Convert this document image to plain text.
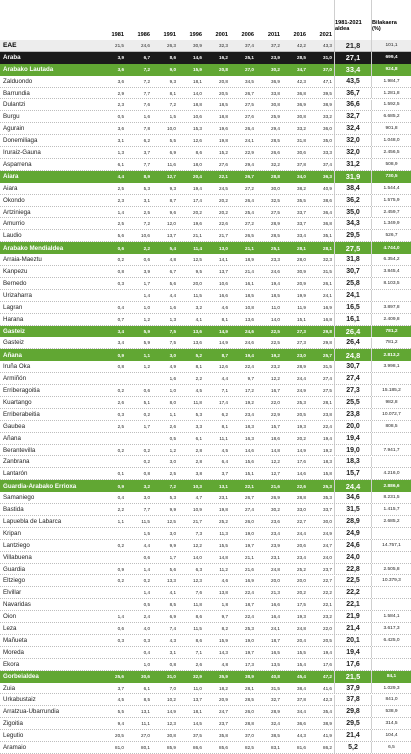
1981	1986	1991	1996	2001	2006	2011	2016	2021
1981-2021
aldea
Bilakaera
(%)
EAE	21,5	24,6	26,3	30,9	32,3	37,4	37,2	42,2	43,3	21,8	101,1
Araba	3,9	6,7	8,6	14,6	16,2	25,1	23,9	28,5	31,0	27,1	699,4
Arabako Lautada	3,6	7,2	9,0	15,9	20,8	27,0	30,2	34,7	37,0	33,4	924,8
Zalduondo	3,6	7,2	9,3	18,1	20,8	34,5	36,9	42,3	47,1	43,5	1.984,7
Barrundia	2,9	7,7	8,1	14,0	20,5	26,7	33,8	36,8	39,5	36,7	1.281,8
Dulantzi	2,3	7,6	7,2	18,8	18,5	27,5	30,8	36,9	38,9	36,6	1.592,5
Burgu	0,5	1,6	1,5	10,6	18,8	27,6	25,9	30,8	33,2	32,7	6.685,2
Agurain	3,6	7,8	10,0	15,3	19,6	26,4	29,4	33,2	36,0	32,4	901,8
Donemiliaga	3,1	6,2	5,5	12,6	19,8	24,1	28,5	31,8	35,0	32,0	1.048,0
Iruraiz-Gauna	1,3	3,7	6,9	8,6	15,2	22,9	26,6	30,6	33,3	32,0	2.456,5
Asparrena	6,1	7,7	11,6	18,0	27,6	29,4	32,2	37,8	37,4	31,2	508,9
Aiara	4,4	8,9	12,7	20,4	22,1	26,7	28,8	34,0	36,3	31,9	730,5
Aiara	2,5	5,3	9,3	19,4	24,5	27,2	30,0	38,2	40,9	38,4	1.544,4
Okondo	2,3	3,1	8,7	17,4	20,2	26,4	32,5	35,5	38,6	36,2	1.575,9
Artziniega	1,4	2,5	9,6	20,2	20,2	25,4	27,5	33,7	36,4	35,0	2.459,7
Amurrio	2,5	7,2	12,0	19,6	22,6	27,2	28,9	33,7	36,8	34,3	1.349,9
Laudio	5,6	10,6	13,7	21,1	21,7	26,5	28,5	33,4	35,1	29,5	526,7
Arabako Mendialdea	0,6	2,2	5,4	11,4	13,0	21,1	25,1	28,1	28,1	27,5	4.744,0
Arraia-Maeztu	0,2	0,6	4,8	12,5	14,1	18,9	23,3	28,0	32,3	31,8	6.354,2
Kanpezu	0,8	3,9	6,7	9,5	13,7	21,4	24,6	30,9	31,5	30,7	3.845,4
Bernedo	0,3	1,7	5,6	20,0	10,6	16,1	19,4	20,9	26,1	25,8	8.103,5
Urizaharra	1,4	4,4	11,5	16,6	18,5	18,5	19,9	24,1	24,1
Lagran	0,4	1,0	1,6	3,2	4,6	10,8	11,0	11,9	16,9	16,5	3.897,8
Harana	0,7	1,2	1,3	4,1	8,1	13,6	14,0	15,1	16,8	16,1	2.409,8
Gasteiz	3,4	5,9	7,5	13,6	14,9	24,6	22,5	27,3	29,8	26,4	781,2
Gasteiz	3,4	5,9	7,5	13,6	14,9	24,6	22,5	27,3	29,8	26,4	781,2
Añana	0,9	1,1	3,0	5,2	8,7	19,4	19,2	23,0	25,7	24,8	2.813,2
Iruña Oka	0,8	1,2	4,9	8,1	12,6	22,4	23,2	28,9	31,5	30,7	3.998,1
Armiñón	1,6	2,2	4,4	9,7	12,2	24,4	27,4	27,4
Erriberagoitia	0,2	0,6	1,0	4,5	7,1	17,2	16,7	24,9	27,5	27,3	15.185,2
Kuartango	2,6	5,1	8,0	11,8	17,4	19,2	22,0	25,3	28,1	25,5	982,8
Erriberabeitia	0,3	0,2	1,1	5,3	6,2	23,4	22,9	20,5	23,8	23,8	10.072,7
Gaubea	2,5	1,7	2,6	3,3	8,1	18,3	15,7	19,3	22,4	20,0	808,5
Añana	0,5	6,1	11,1	16,3	18,6	20,2	19,4	19,4
Berantevilla	0,2	0,2	1,2	2,8	4,5	14,6	14,8	14,9	19,2	19,0	7.941,7
Zanbrana	0,2	3,0	2,8	6,4	15,6	12,2	17,6	18,3	18,3
Lantarón	0,1	0,8	2,5	3,8	3,7	15,1	12,7	14,6	15,8	15,7	4.216,0
Guardia-Arabako Errioxa	0,9	3,2	7,2	10,3	13,1	22,1	21,6	22,6	25,3	24,4	2.886,6
Samaniego	0,4	3,0	5,3	4,7	23,1	26,7	26,9	28,8	35,3	34,6	8.231,5
Bastida	2,2	7,7	9,9	10,9	19,8	27,4	30,2	33,0	33,7	31,5	1.415,7
Lapuebla de Labarca	1,1	11,5	12,5	21,7	25,2	26,0	23,6	22,7	30,0	28,9	2.685,2
Kripan	1,5	3,0	7,3	11,3	19,0	23,4	24,4	24,9	24,9
Lantziego	0,2	4,4	9,9	12,2	15,5	19,7	23,9	20,6	24,7	24,6	14.757,1
Villabuena	0,6	1,7	14,0	14,8	21,1	23,1	23,4	24,0	24,0
Guardia	0,9	1,4	5,6	6,3	11,2	21,6	24,8	25,2	23,7	22,8	2.505,8
Eltziego	0,2	0,2	13,3	12,3	4,6	16,9	20,0	20,0	22,7	22,5	10.379,3
Elvillar	1,4	4,1	7,6	13,8	22,4	21,3	20,2	22,2	22,2
Navaridas	0,5	8,5	11,8	1,8	18,7	16,6	17,5	22,1	22,1
Oion	1,4	2,4	6,9	8,6	9,7	22,4	16,4	19,3	23,2	21,9	1.584,1
Leza	0,6	4,0	7,4	11,5	8,2	25,3	24,1	24,8	22,0	21,4	3.617,3
Mañueta	0,3	0,3	4,3	8,6	15,9	19,0	18,7	20,4	20,5	20,1	6.425,0
Moreda	0,4	3,1	7,1	14,3	19,7	16,5	15,5	19,4	19,4
Ekora	1,0	0,8	2,6	4,8	17,3	13,5	15,4	17,6	17,6
Gorbeialdea	25,6	30,6	31,0	32,9	35,9	38,9	40,8	45,4	47,2	21,5	84,1
Zuia	3,7	6,1	7,0	11,0	18,2	28,1	31,5	38,4	41,6	37,9	1.029,3
Urkabustaiz	4,5	8,5	10,2	13,7	20,9	28,5	32,7	37,8	42,3	37,8	841,0
Arratzua-Ubarrundia	5,5	13,1	14,9	18,1	24,7	26,0	28,9	34,4	35,4	29,8	538,9
Zigoitia	9,4	11,1	12,3	14,5	23,7	28,8	32,4	36,6	38,9	29,5	314,5
Legutio	20,5	27,0	30,8	37,5	35,8	37,0	38,5	44,3	41,9	21,4	104,4
Aramaio	81,0	80,1	85,9	86,6	85,6	82,5	83,1	81,6	86,2	5,2	6,5
